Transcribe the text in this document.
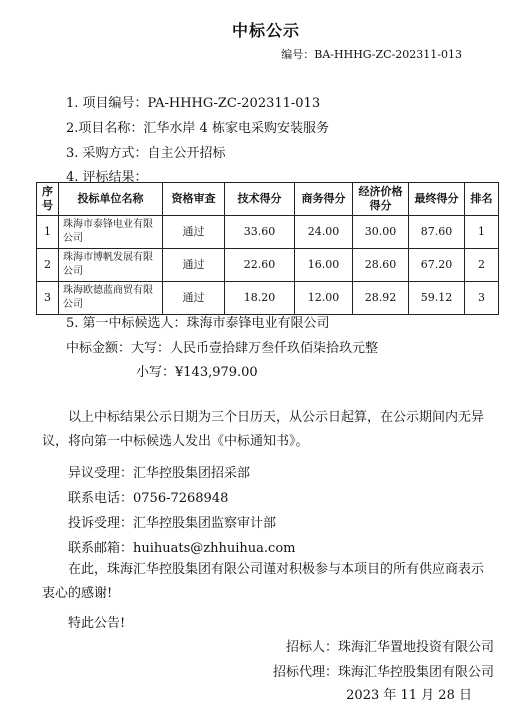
中标公示
编号：BA-HHHG-ZC-202311-013
1. 项目编号：PA-HHHG-ZC-202311-013
2.项目名称：汇华水岸 4 栋家电采购安装服务
3. 采购方式：自主公开招标
4. 评标结果：
序号	投标单位名称	资格审查	技术得分	商务得分	经济价格得分	最终得分	排名
1	珠海市泰锋电业有限公司	通过	33.60	24.00	30.00	87.60	1
2	珠海市博帆发展有限公司	通过	22.60	16.00	28.60	67.20	2
3	珠海欧德蓝商贸有限公司	通过	18.20	12.00	28.92	59.12	3
5. 第一中标候选人：珠海市泰锋电业有限公司
中标金额：大写：人民币壹拾肆万叁仟玖佰柒拾玖元整
小写：¥143,979.00
以上中标结果公示日期为三个日历天，从公示日起算，在公示期间内无异议，将向第一中标候选人发出《中标通知书》。
异议受理：汇华控股集团招采部
联系电话：0756-7268948
投诉受理：汇华控股集团监察审计部
联系邮箱：huihuats@zhhuihua.com
在此，珠海汇华控股集团有限公司谨对积极参与本项目的所有供应商表示衷心的感谢!
特此公告!
招标人：珠海汇华置地投资有限公司
招标代理：珠海汇华控股集团有限公司
2023 年 11 月 28 日
